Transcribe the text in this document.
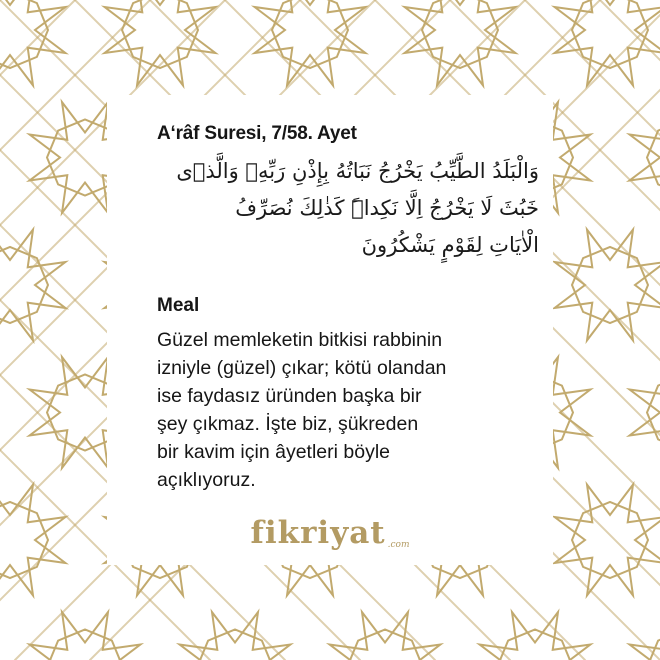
A‘râf Suresi, 7/58. Ayet
وَالْبَلَدُ الطَّيِّبُ يَخْرُجُ نَبَاتُهُ بِإِذْنِ رَبِّهِۚ وَالَّذٖى
خَبُثَ لَا يَخْرُجُ اِلَّا نَكِداًۜ كَذٰلِكَ نُصَرِّفُ
الْاٰيَاتِ لِقَوْمٍ يَشْكُرُونَ
Meal
Güzel memleketin bitkisi rabbinin
izniyle (güzel) çıkar; kötü olandan
ise faydasız üründen başka bir
şey çıkmaz. İşte biz, şükreden
bir kavim için âyetleri böyle
açıklıyoruz.
fikriyat $_{.com}$
